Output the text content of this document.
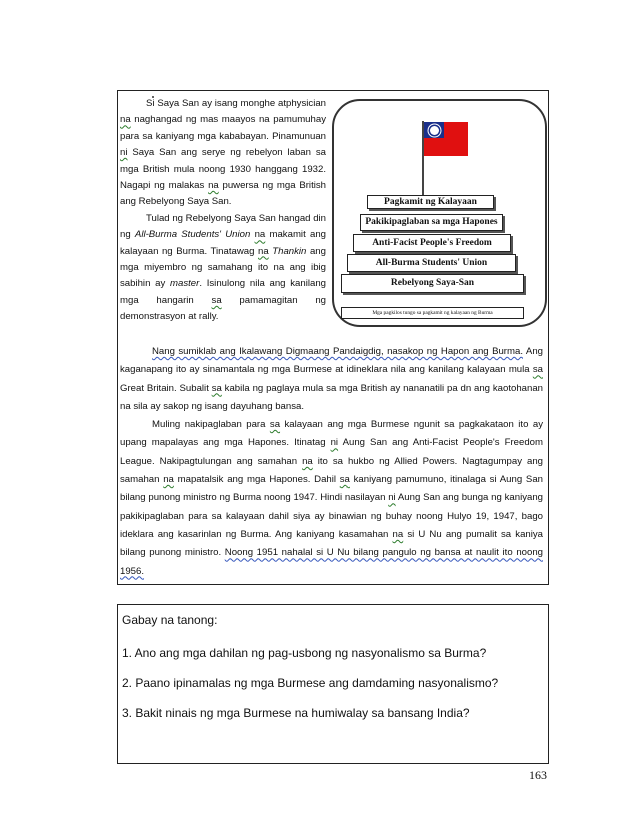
Si Saya San ay isang monghe atphysician na naghangad ng mas maayos na pamumuhay para sa kaniyang mga kababayan. Pinamunuan ni Saya San ang serye ng rebelyon laban sa mga British mula noong 1930 hanggang 1932. Nagapi ng malakas na puwersa ng mga British ang Rebelyong Saya San.

Tulad ng Rebelyong Saya San hangad din ng All-Burma Students' Union na makamit ang kalayaan ng Burma. Tinatawag na Thankin ang mga miyembro ng samahang ito na ang ibig sabihin ay master. Isinulong nila ang kanilang mga hangarin sa pamamagitan ng demonstrasyon at rally.

Pagkamit ng Kalayaan
Pakikipaglaban sa mga Hapones
Anti-Facist People's Freedom
All-Burma Students' Union
Rebelyong Saya-San
Mga pagkilos tungo sa pagkamit ng kalayaan ng Burma

Nang sumiklab ang Ikalawang Digmaang Pandaigdig, nasakop ng Hapon ang Burma. Ang kaganapang ito ay sinamantala ng mga Burmese at idineklara nila ang kanilang kalayaan mula sa Great Britain. Subalit sa kabila ng paglaya mula sa mga British ay nananatili pa dn ang kaotohanan na sila ay sakop ng isang dayuhang bansa.

Muling nakipaglaban para sa kalayaan ang mga Burmese ngunit sa pagkakataon ito ay upang mapalayas ang mga Hapones. Itinatag ni Aung San ang Anti-Facist People's Freedom League. Nakipagtulungan ang samahan na ito sa hukbo ng Allied Powers. Nagtagumpay ang samahan na mapatalsik ang mga Hapones. Dahil sa kaniyang pamumuno, itinalaga si Aung San bilang punong ministro ng Burma noong 1947. Hindi nasilayan ni Aung San ang bunga ng kaniyang pakikipaglaban para sa kalayaan dahil siya ay binawian ng buhay noong Hulyo 19, 1947, bago ideklara ang kasarinlan ng Burma. Ang kaniyang kasamahan na si U Nu ang pumalit sa kaniya bilang punong ministro. Noong 1951 nahalal si U Nu bilang pangulo ng bansa at naulit ito noong 1956.

Gabay na tanong:
1. Ano ang mga dahilan ng pag-usbong ng nasyonalismo sa Burma?
2. Paano ipinamalas ng mga Burmese ang damdaming nasyonalismo?
3. Bakit ninais ng mga Burmese na humiwalay sa bansang India?
163
